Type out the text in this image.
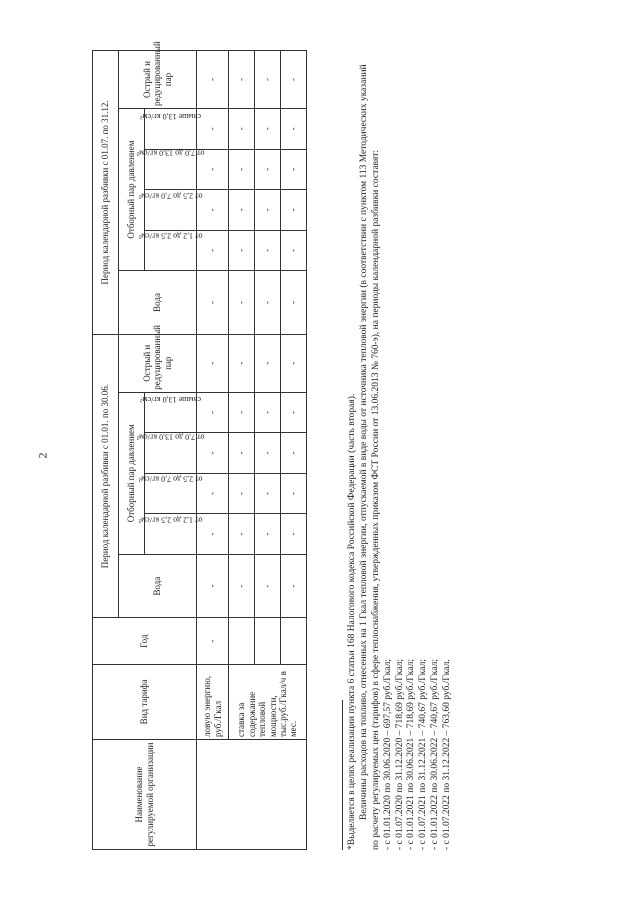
2
Наименование регулируемой организации	Вид тарифа	Год	Период календарной разбивки с 01.01. по 30.06.						Период календарной разбивки с 01.07. по 31.12.					
			Вода	Отборный пар давлением				Острый и редуцированный пар	Вода	Отборный пар давлением				Острый и редуцированный пар
				от 1,2 до 2,5 кг/см²	от 2,5 до 7,0 кг/см²	от 7,0 до 13,0 кг/см²	свыше 13,0 кг/см²			от 1,2 до 2,5 кг/см²	от 2,5 до 7,0 кг/см²	от 7,0 до 13,0 кг/см²	свыше 13,0 кг/см²	
	ловую энергию, руб./Гкал	-	-	-	-	-	-	-	-	-	-	-	-	-
	ставка за содержание тепловой мощности, тыс.руб./Гкал/ч в мес.		-	-	-	-	-	-	-	-	-	-	-	-
			-	-	-	-	-	-	-	-	-	-	-	-
			-	-	-	-	-	-	-	-	-	-	-	-

*Выделяется в целях реализации пункта 6 статьи 168 Налогового кодекса Российской Федерации (часть вторая). Величины расходов на топливо, отнесенных на 1 Гкал тепловой энергии, отпускаемой в виде воды от источника тепловой энергии (в соответствии с пунктом 113 Методических указаний по расчету регулируемых цен (тарифов) в сфере теплоснабжения, утвержденных приказом ФСТ России от 13.06.2013 № 760-э), на периоды календарной разбивки составят: - с 01.01.2020 по 30.06.2020 – 697,57 руб./Гкал; - с 01.07.2020 по 31.12.2020 – 718,69 руб./Гкал; - с 01.01.2021 по 30.06.2021 – 718,69 руб./Гкал; - с 01.07.2021 по 31.12.2021 – 740,67 руб./Гкал; - с 01.01.2022 по 30.06.2022 – 740,67 руб./Гкал; - с 01.07.2022 по 31.12.2022 – 763,60 руб./Гкал.
